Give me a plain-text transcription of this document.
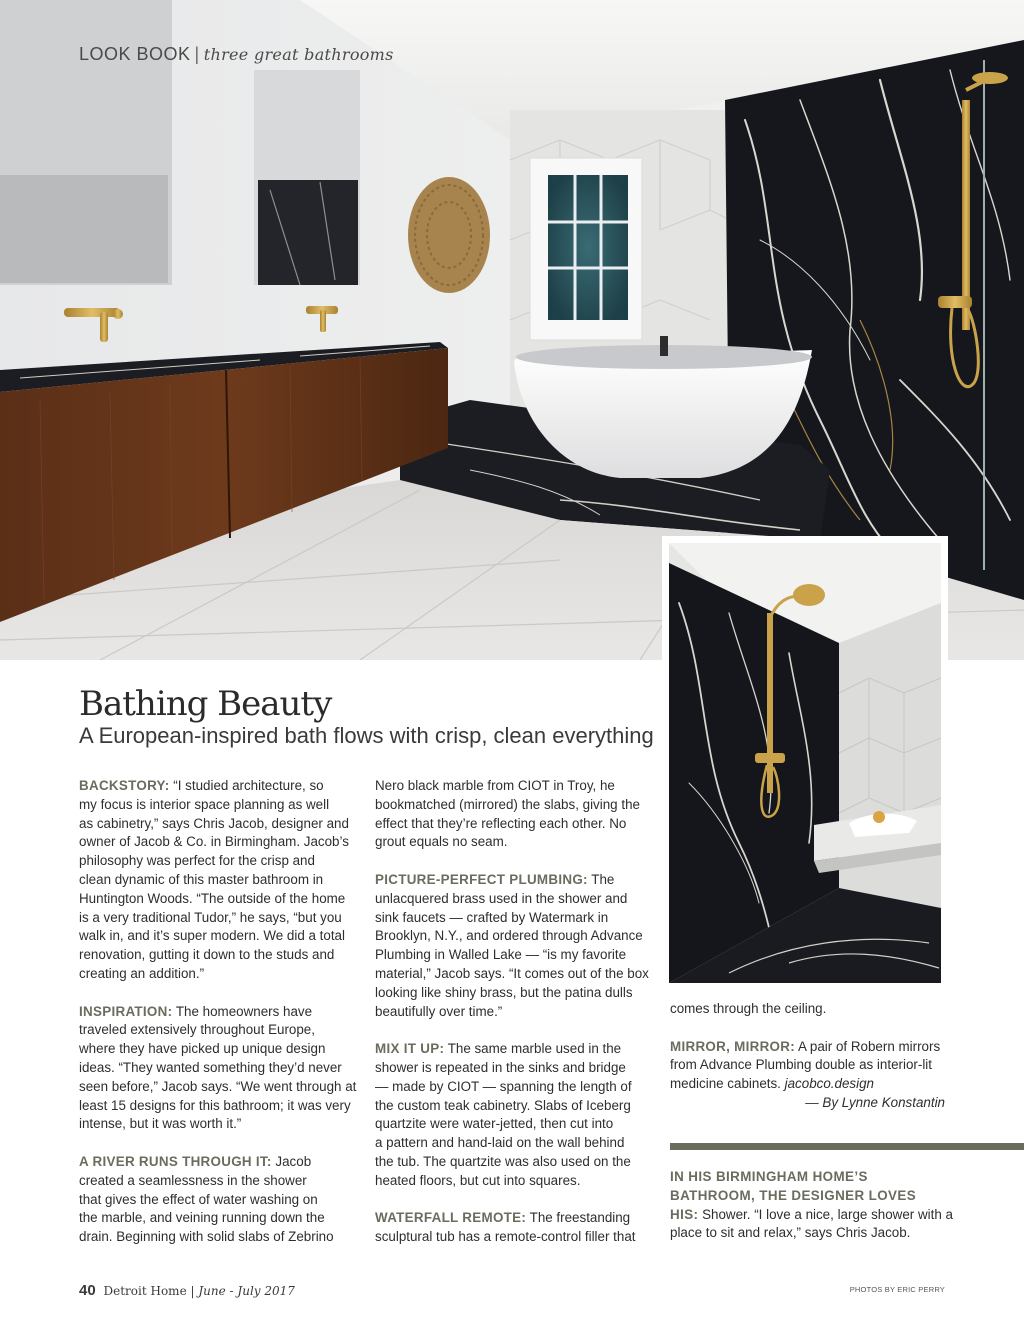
LOOK BOOK | three great bathrooms
Bathing Beauty
A European-inspired bath flows with crisp, clean everything
BACKSTORY: “I studied architecture, so
my focus is interior space planning as well
as cabinetry,” says Chris Jacob, designer and
owner of Jacob & Co. in Birmingham. Jacob’s
philosophy was perfect for the crisp and
clean dynamic of this master bathroom in
Huntington Woods. “The outside of the home
is a very traditional Tudor,” he says, “but you
walk in, and it’s super modern. We did a total
renovation, gutting it down to the studs and
creating an addition.”
INSPIRATION: The homeowners have
traveled extensively throughout Europe,
where they have picked up unique design
ideas. “They wanted something they’d never
seen before,” Jacob says. “We went through at
least 15 designs for this bathroom; it was very
intense, but it was worth it.”
A RIVER RUNS THROUGH IT: Jacob
created a seamlessness in the shower
that gives the effect of water washing on
the marble, and veining running down the
drain. Beginning with solid slabs of Zebrino
Nero black marble from CIOT in Troy, he
bookmatched (mirrored) the slabs, giving the
effect that they’re reflecting each other. No
grout equals no seam.
PICTURE-PERFECT PLUMBING: The
unlacquered brass used in the shower and
sink faucets — crafted by Watermark in
Brooklyn, N.Y., and ordered through Advance
Plumbing in Walled Lake — “is my favorite
material,” Jacob says. “It comes out of the box
looking like shiny brass, but the patina dulls
beautifully over time.”
MIX IT UP: The same marble used in the
shower is repeated in the sinks and bridge
— made by CIOT — spanning the length of
the custom teak cabinetry. Slabs of Iceberg
quartzite were water-jetted, then cut into
a pattern and hand-laid on the wall behind
the tub. The quartzite was also used on the
heated floors, but cut into squares.
WATERFALL REMOTE: The freestanding
sculptural tub has a remote-control filler that
comes through the ceiling.
MIRROR, MIRROR: A pair of Robern mirrors
from Advance Plumbing double as interior-lit
medicine cabinets. jacobco.design
— By Lynne Konstantin
IN HIS BIRMINGHAM HOME’S
BATHROOM, THE DESIGNER LOVES
HIS: Shower. “I love a nice, large shower with a
place to sit and relax,” says Chris Jacob.
40 Detroit Home | June - July 2017	PHOTOS BY ERIC PERRY
